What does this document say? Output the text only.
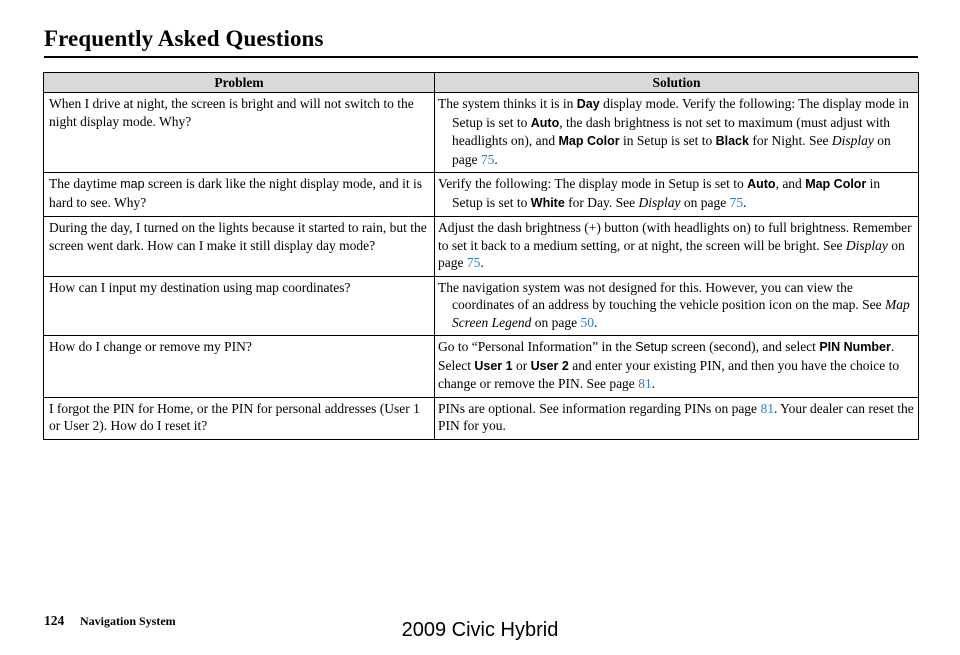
Frequently Asked Questions
Problem	Solution
When I drive at night, the screen is bright and will not switch to the night display mode. Why?	The system thinks it is in Day display mode. Verify the following: The display mode in Setup is set to Auto, the dash brightness is not set to maximum (must adjust with headlights on), and Map Color in Setup is set to Black for Night. See Display on page 75.

The daytime map screen is dark like the night display mode, and it is hard to see. Why?	Verify the following: The display mode in Setup is set to Auto, and Map Color in Setup is set to White for Day. See Display on page 75.

During the day, I turned on the lights because it started to rain, but the screen went dark. How can I make it still display day mode?	Adjust the dash brightness (+) button (with headlights on) to full brightness. Remember to set it back to a medium setting, or at night, the screen will be bright. See Display on page 75.

How can I input my destination using map coordinates?	The navigation system was not designed for this. However, you can view the coordinates of an address by touching the vehicle position icon on the map. See Map Screen Legend on page 50.

How do I change or remove my PIN?	Go to “Personal Information” in the Setup screen (second), and select PIN Number. Select User 1 or User 2 and enter your existing PIN, and then you have the choice to change or remove the PIN. See page 81.

I forgot the PIN for Home, or the PIN for personal addresses (User 1 or User 2). How do I reset it?	PINs are optional. See information regarding PINs on page 81. Your dealer can reset the PIN for you.
124 Navigation System	2009 Civic Hybrid
